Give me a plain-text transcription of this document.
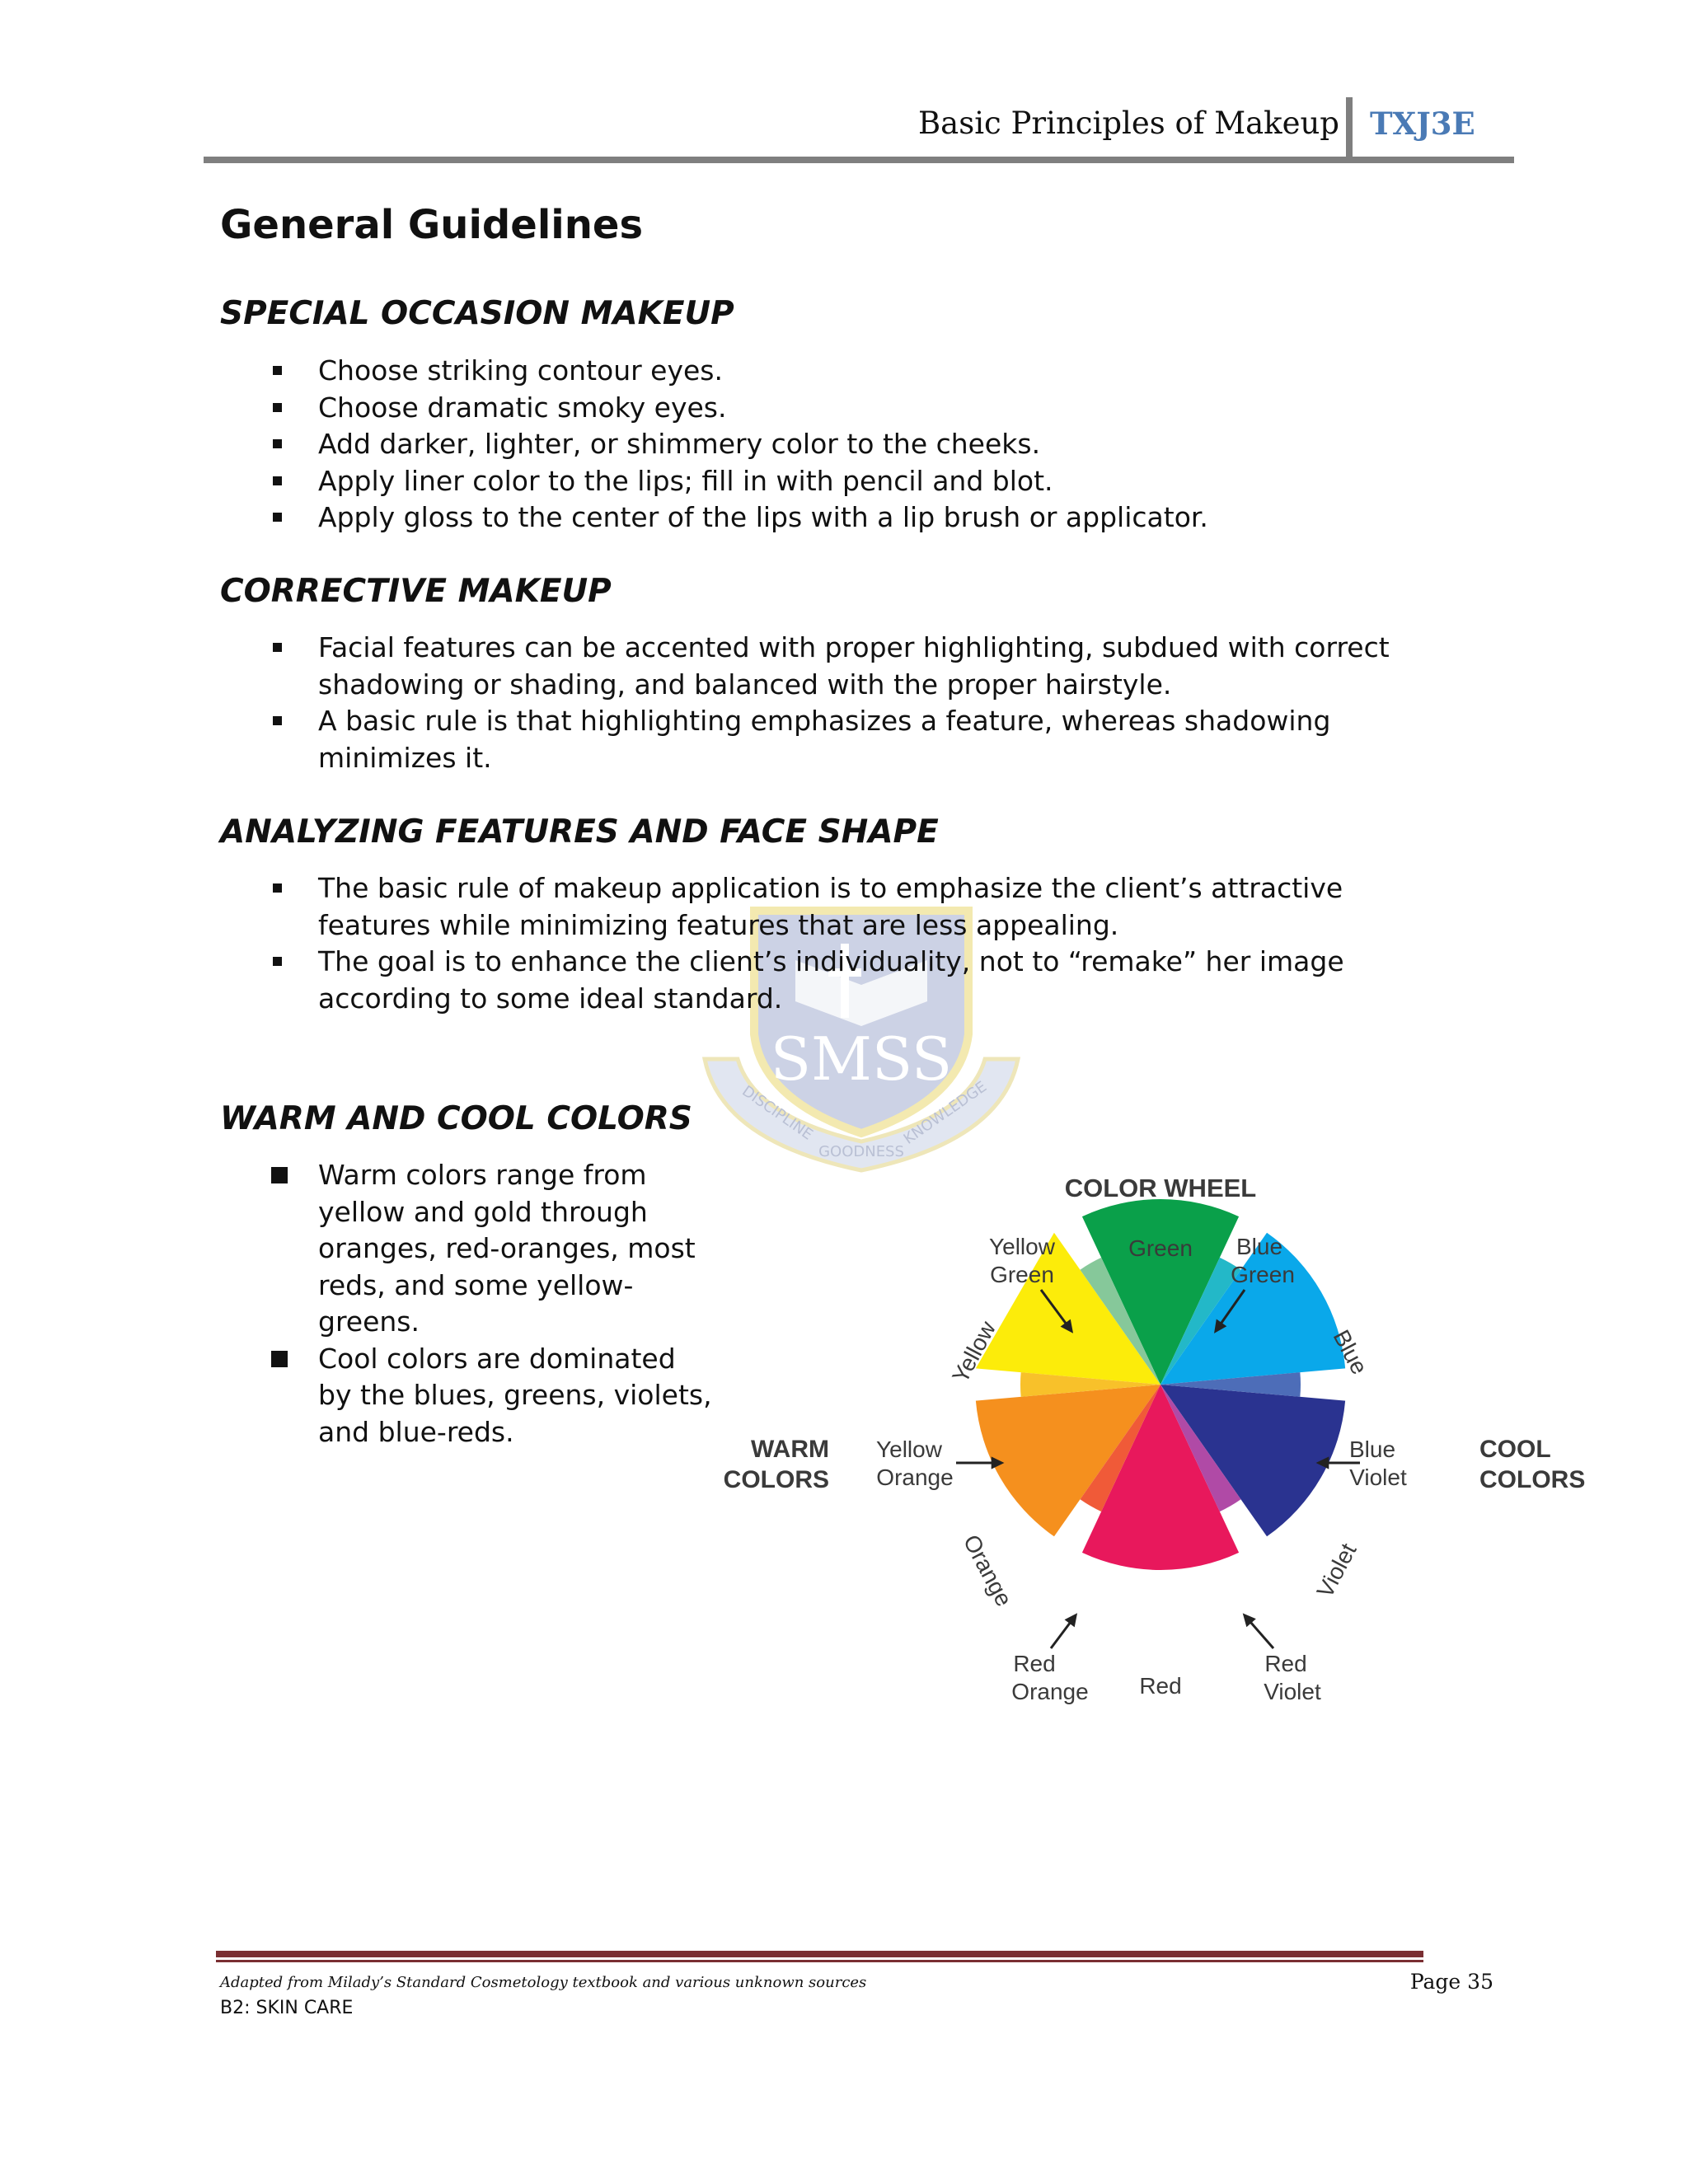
Basic Principles of Makeup TXJ3E
SMSS
DISCIPLINE
GOODNESS
KNOWLEDGE
General Guidelines
SPECIAL OCCASION MAKEUP
Choose striking contour eyes.
Choose dramatic smoky eyes.
Add darker, lighter, or shimmery color to the cheeks.
Apply liner color to the lips; fill in with pencil and blot.
Apply gloss to the center of the lips with a lip brush or applicator.
CORRECTIVE MAKEUP
Facial features can be accented with proper highlighting, subdued with correct shadowing or shading, and balanced with the proper hairstyle.
A basic rule is that highlighting emphasizes a feature, whereas shadowing minimizes it.
ANALYZING FEATURES AND FACE SHAPE
The basic rule of makeup application is to emphasize the client’s attractive features while minimizing features that are less appealing.
The goal is to enhance the client’s individuality, not to “remake” her image according to some ideal standard.
WARM AND COOL COLORS
Warm colors range from yellow and gold through oranges, red-oranges, most reds, and some yellow-greens.
Cool colors are dominated by the blues, greens, violets, and blue-reds.
COLOR WHEEL
WARM
COLORS
COOL
COLORS
Green
Yellow
Green
Blue
Green
Yellow	Blue
Yellow
Orange
Blue
Violet
Orange	Violet
Red
Orange Red
Red
Violet
Adapted from Milady’s Standard Cosmetology textbook and various unknown sources	Page 35
B2: SKIN CARE
